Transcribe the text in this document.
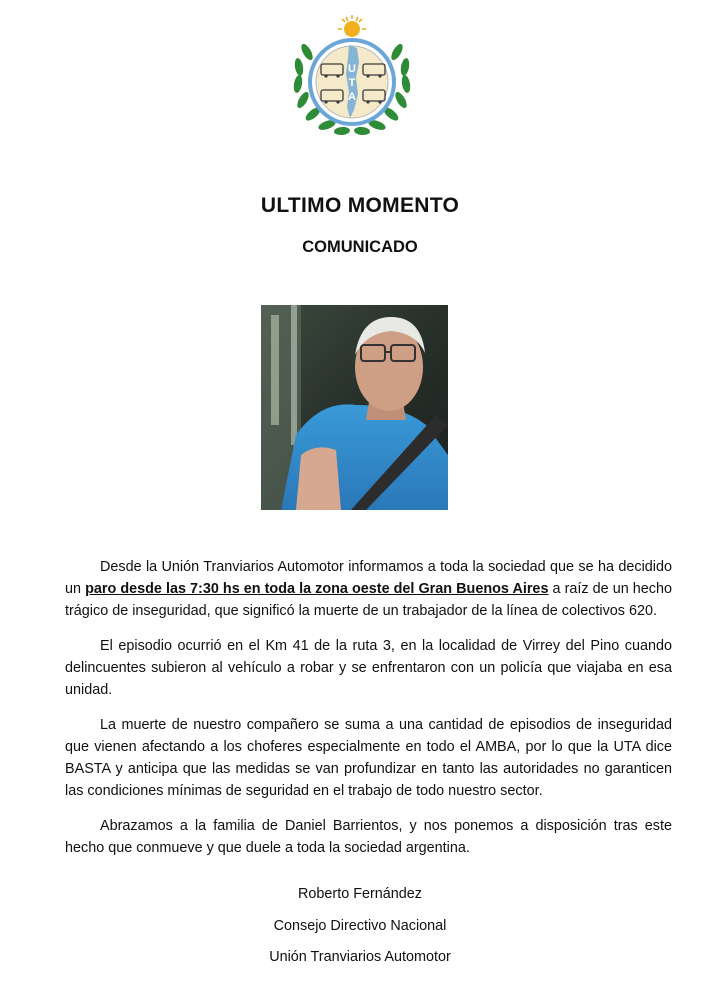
U
T
A
ULTIMO MOMENTO
COMUNICADO

Desde la Unión Tranviarios Automotor informamos a toda la sociedad que se ha decidido un paro desde las 7:30 hs en toda la zona oeste del Gran Buenos Aires a raíz de un hecho trágico de inseguridad, que significó la muerte de un trabajador de la línea de colectivos 620.

El episodio ocurrió en el Km 41 de la ruta 3, en la localidad de Virrey del Pino cuando delincuentes subieron al vehículo a robar y se enfrentaron con un policía que viajaba en esa unidad.

La muerte de nuestro compañero se suma a una cantidad de episodios de inseguridad que vienen afectando a los choferes especialmente en todo el AMBA, por lo que la UTA dice BASTA y anticipa que las medidas se van profundizar en tanto las autoridades no garanticen las condiciones mínimas de seguridad en el trabajo de todo nuestro sector.

Abrazamos a la familia de Daniel Barrientos, y nos ponemos a disposición tras este hecho que conmueve y que duele a toda la sociedad argentina.

Roberto Fernández
Consejo Directivo Nacional
Unión Tranviarios Automotor
